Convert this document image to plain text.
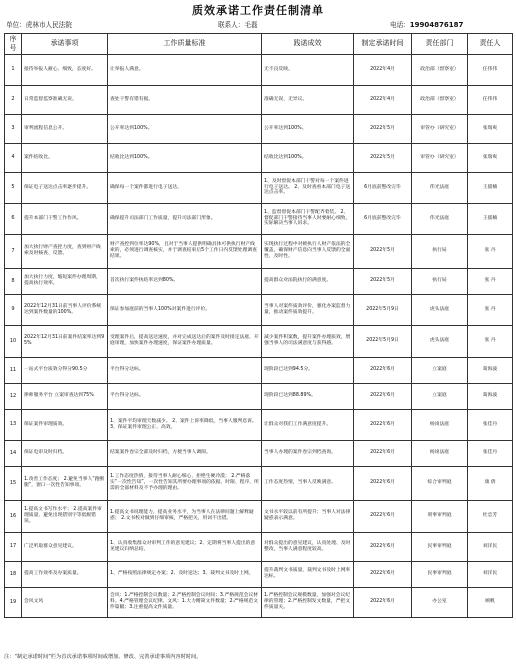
质效承诺工作责任制清单
单位：虎林市人民法院	联系人：毛磊	电话：19904876187
序号	承诺事项	工作质量标准	践诺成效	制定承诺时间	责任部门	责任人
1	接待举报人耐心、细致，态度好。	让举报人满意。	无不良反映。	2022年4月	政治部（督察室）	任伟伟
2	日常监督监察准确无误。	查处干警有错有据。	准确无误，无异议。	2022年4月	政治部（督察室）	任伟伟
3	审判流程信息公开。	公开率达到100%。	公开率达到100%。	2022年5月	审管办（研究室）	张瑞爽
4	案件结收比。	结收比达到100%。	结收比达到100%。	2022年5月	审管办（研究室）	张瑞爽
5	保证电子送达点击率逐步提升。	确保每一个案件都进行电子送达。	1、及时督促本部门干警对每一个案件进行电子送达。 2、及时查看本部门电子送达点击率。	6月底前整改完毕	伟光法庭	王擂楠
6	提升本部门干警工作作风。	确保提升司法部门工作质量，提升司法部门形象。	1、监督督促本部门干警配齐着装。 2、督促部门干警接待当事人时要耐心细致，实际解决当事人诉求。	6月底前整改完毕	伟光法庭	王擂楠
7	加大执行财产查控力度，查到财产线索及时核查、反馈。	财产查控到位率达90%，且对于当事人提供明确具体可供执行财产线索的，必须进行调查核实，并于调查结束后5个工作日内反馈处理调查结果。	实现执行过程中对被执行人财产依法的全覆盖，确保财产信息向当事人反馈的全面性、及时性。	2022年5月	执行局	张 丹
8	加大执行力度，缩短案件办理周期，提高执行效率。	首次执行案件执结率达到80%。	提高群众对法院执行的满意度。	2022年5月	执行局	张 丹
9	2022年12月31日前当事人评价系统达到案件数量的100%。	保证参加庭前的当事人100%对案件进行评价。	当事人对案件质效评价，强化办案监督力量，推动案件质效提升。	2022年5月9日	虎头法庭	张 丹
10	2022年12月31日前案件结案率达到95%	受理案件后，提高送达速度，并对完成送达后的案件及时排定法庭、开庭审理，加快案件办理速度，保证案件办理质量。	减少案件积案数，提升案件办理质效，增强当事人的司法满意度与获得感。	2022年5月9日	虎头法庭	张 丹
11	一站式平台质效分得分90.5分	平台得分达标。	现阶段已达到94.5分。	2022年6月	立案庭	葛海波
12	律师服务平台 立案审查达到75%	平台得分达标。	现阶段已达到88.89%。	2022年6月	立案庭	葛海波
13	保证案件审理质效。	1、案件平均审理天数减少。 2、案件上诉率降低，当事人服判息诉。 3、保证案件审理公正、高效。	让群众对我们工作满意度提升。	2022年6月	杨岗法庭	张佳丹
14	保证电审及时归档。	结案案件卷宗全部及时归档，方便当事人调阅。	当事人办理的案件卷宗到档查询。	2022年6月	杨岗法庭	张佳丹
15	1.改善工作态度； 2.避免当事人“跑断腿”，窗口一次性告知事项。	1.工作态度热情，接待当事人耐心细心，拒绝生硬冷漠； 2.严格落实“一次性告知”，一次性告知其所要办理事项的依据、时限、程序、所需的全部材料及不予办理的理由。	工作态度热情，当事人反映满意。	2022年6月	综合审判庭	康 倩
16	1.提高文书写作水平； 2.提高案件审理质量，避免出现错别字等低级错误。	1.提高文书说理能力，提高业务水平，为当事人在法律问题上解释疑惑； 2.文书校对做到仔细审核，严格把关，用词不出错。	文书水平较以前有所提升；当事人对法律疑惑表示满意。	2022年6月	刑事审判庭	杜忠芳
17	广泛听取群众意见建议。	1、认真收集群众对审判工作的意见建议；2、定期将当事人提出的意见建议归纳总结。	对群众提出的意见建议，认真处理、及时整改，当事人满意程度较高。	2022年6月	民事审判庭	刘洋民
18	提高工作效率及办案质量。	1、严格按照法律规定办案；2、及时送达；3、裁判文书及时上网。	提升裁判文书质量，裁判文书及时上网率达标。	2022年6月	民事审判庭	刘洋民
19	会风文风	会风：1.严格控制会议数量；2.严格控制会议时间；3.严格规范会议材料。4.严格管理会议纪律。文风：1.大力精简文件数量；2.严格规范文件篇幅；3.注重提高文件质量。	1.严格控制会议规模数量，加强对会议纪律的管理；2.严格控制发文数量，严把文件质量关。	2022年6月	办公室	顾帆
注：“制定承诺时间”栏为首次承诺事项时间或增加、修改、完善承诺事项内容时时间。
